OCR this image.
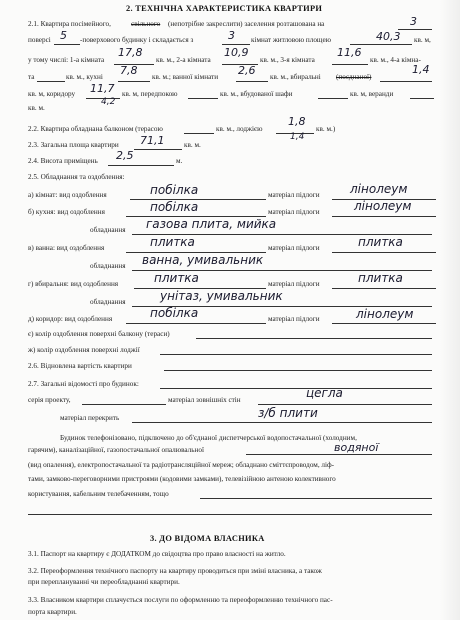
2. ТЕХНІЧНА ХАРАКТЕРИСТИКА КВАРТИРИ
2.1. Квартира посімейного,	свільного (непотрібне закреслити) заселення розташована на	3
поверсі 5 -поверхового будинку і складається з	3 кімнат житловою площею	40,3 кв. м,
у тому числі: 1-а кімната
17,8
кв. м., 2-а кімната
10,9
кв. м., 3-я кімната
11,6
кв. м., 4-а кімна-
та	кв. м., кухні 7,8 кв. м.; ванної кімнати 2,6 кв. м., вбиральні (поєднаної)
1,4
кв. м, коридору 11,7
4,2
кв. м, передпокою	кв. м., вбудованої шафи	кв. м, веранди
кв. м.
2.2. Квартира обладнана балконом (терасою	кв. м., лоджією
1,8
1,4
кв. м.)
2.3. Загальна площа квартири 71,1	кв. м.
2.4. Висота приміщень 2,5	м.
2.5. Обладнання та оздоблення:
а) кімнат: вид оздоблення	побілка	матеріал підлоги	лінолеум
б) кухня: вид оздоблення	побілка	матеріал підлоги	лінолеум
обладнання газова плита, мийка
в) ванна: вид оздоблення	плитка	матеріал підлоги	плитка
обладнання ванна, умивальник
г) вбиральня: вид оздоблення	плитка	матеріал підлоги	плитка
обладнання	унітаз, умивальник
д) коридор: вид оздоблення	побілка	матеріал підлоги	лінолеум
є) колір оздоблення поверхні балкону (тераси)
ж) колір оздоблення поверхні лоджії
2.6. Відновлена вартість квартири
2.7. Загальні відомості про будинок:
серія проекту,	матеріал зовнішніх стін	цегла
матеріал перекрить	з/б плити
Будинок телефонізовано, підключено до об'єднаної диспетчерської водопостачальної (холодним,
гарячим), каналізаційної, газопостачальної опалювальної	водяної
(вид опалення), електропостачальної та радіотрансляційної мереж; обладнано сміттєпроводом, ліф-
тами, замково-переговорними пристроями (кодовими замками), телевізійною антеною колективного
користування, кабельним телебаченням, тощо
3. ДО ВІДОМА ВЛАСНИКА
3.1. Паспорт на квартиру є ДОДАТКОМ до свідоцтва про право власності на житло.
3.2. Переоформлення технічного паспорту на квартиру проводиться при зміні власника, а також
при переплануванні чи переобладнанні квартири.
3.3. Власником квартири сплачується послуги по оформленню та переоформленню технічного пас-
порта квартири.
